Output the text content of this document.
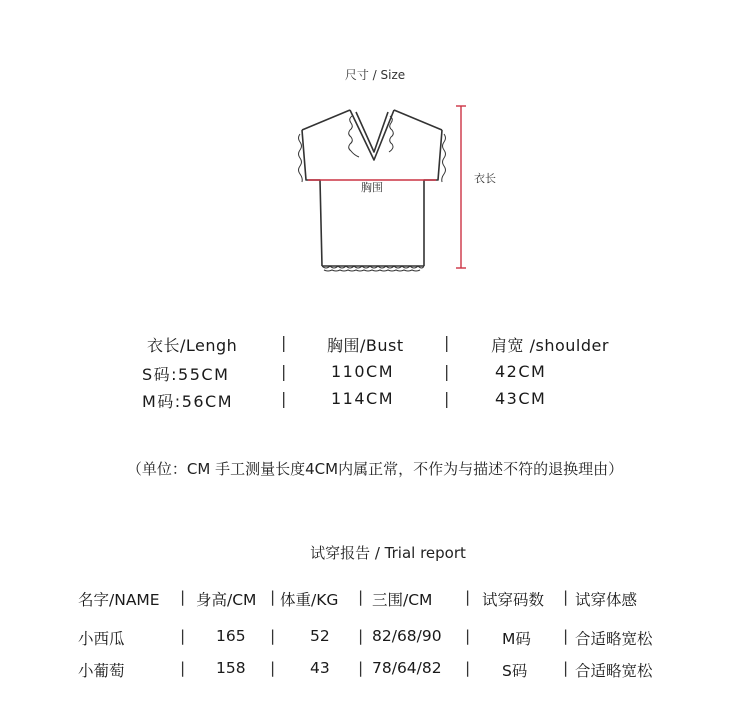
尺寸 / Size
胸围
衣长
衣长/Lengh	|	胸围/Bust	|	肩宽 /shoulder
S码:55CM	|	110CM	|	42CM
M码:56CM	|	114CM	|	43CM
（单位：CM 手工测量长度4CM内属正常，不作为与描述不符的退换理由）
试穿报告 / Trial report
名字/NAME | 身高/CM | 体重/KG | 三围/CM | 试穿码数 | 试穿体感
小西瓜	| 165 | 52 | 82/68/90 | M码 | 合适略宽松
小葡萄	| 158 | 43 | 78/64/82 | S码 | 合适略宽松
